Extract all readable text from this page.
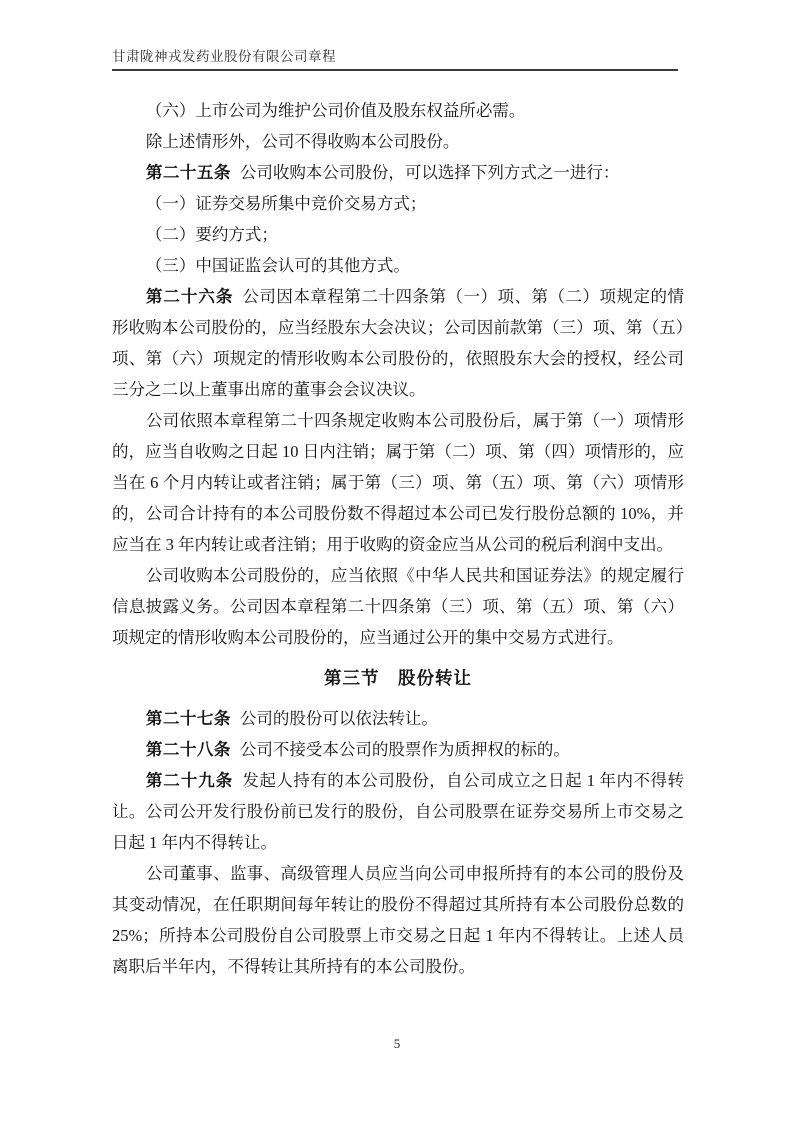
甘肃陇神戎发药业股份有限公司章程
（六）上市公司为维护公司价值及股东权益所必需。
除上述情形外，公司不得收购本公司股份。
第二十五条 公司收购本公司股份，可以选择下列方式之一进行：
（一）证券交易所集中竞价交易方式；
（二）要约方式；
（三）中国证监会认可的其他方式。
第二十六条 公司因本章程第二十四条第（一）项、第（二）项规定的情形收购本公司股份的，应当经股东大会决议；公司因前款第（三）项、第（五）项、第（六）项规定的情形收购本公司股份的，依照股东大会的授权，经公司三分之二以上董事出席的董事会会议决议。
公司依照本章程第二十四条规定收购本公司股份后，属于第（一）项情形的，应当自收购之日起 10 日内注销；属于第（二）项、第（四）项情形的，应当在 6 个月内转让或者注销；属于第（三）项、第（五）项、第（六）项情形的，公司合计持有的本公司股份数不得超过本公司已发行股份总额的 10%，并应当在 3 年内转让或者注销；用于收购的资金应当从公司的税后利润中支出。
公司收购本公司股份的，应当依照《中华人民共和国证券法》的规定履行信息披露义务。公司因本章程第二十四条第（三）项、第（五）项、第（六）项规定的情形收购本公司股份的，应当通过公开的集中交易方式进行。
第三节　股份转让
第二十七条 公司的股份可以依法转让。
第二十八条 公司不接受本公司的股票作为质押权的标的。
第二十九条 发起人持有的本公司股份，自公司成立之日起 1 年内不得转让。公司公开发行股份前已发行的股份，自公司股票在证券交易所上市交易之日起 1 年内不得转让。
公司董事、监事、高级管理人员应当向公司申报所持有的本公司的股份及其变动情况，在任职期间每年转让的股份不得超过其所持有本公司股份总数的 25%；所持本公司股份自公司股票上市交易之日起 1 年内不得转让。上述人员离职后半年内，不得转让其所持有的本公司股份。
5
